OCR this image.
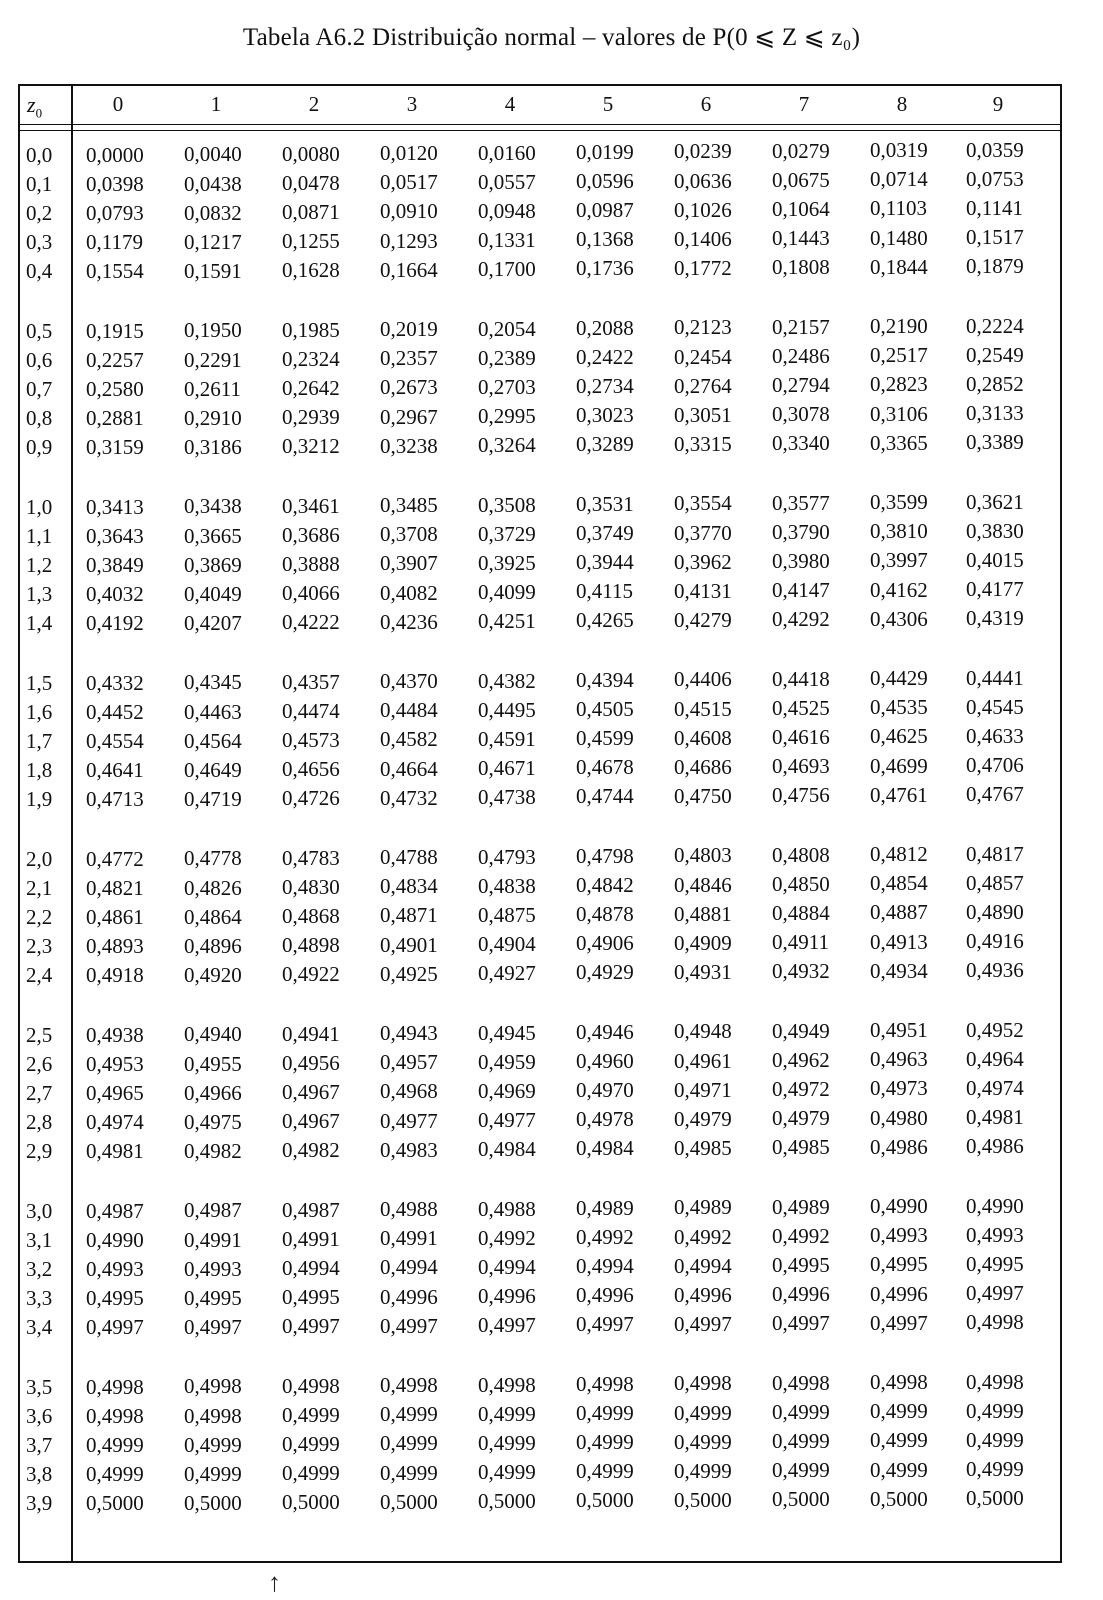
Tabela A6.2 Distribuição normal – valores de P(0 ⩽ Z ⩽ z₀)
$z_0$	0	1	2	3	4	5	6	7	8	9
0,0 0,0000 0,0040 0,0080 0,0120 0,0160 0,0199 0,0239 0,0279 0,0319 0,0359
0,1 0,0398 0,0438 0,0478 0,0517 0,0557 0,0596 0,0636 0,0675 0,0714 0,0753
0,2 0,0793 0,0832 0,0871 0,0910 0,0948 0,0987 0,1026 0,1064 0,1103 0,1141
0,3 0,1179 0,1217 0,1255 0,1293 0,1331 0,1368 0,1406 0,1443 0,1480 0,1517
0,4 0,1554 0,1591 0,1628 0,1664 0,1700 0,1736 0,1772 0,1808 0,1844 0,1879
0,5 0,1915 0,1950 0,1985 0,2019 0,2054 0,2088 0,2123 0,2157 0,2190 0,2224
0,6 0,2257 0,2291 0,2324 0,2357 0,2389 0,2422 0,2454 0,2486 0,2517 0,2549
0,7 0,2580 0,2611 0,2642 0,2673 0,2703 0,2734 0,2764 0,2794 0,2823 0,2852
0,8 0,2881 0,2910 0,2939 0,2967 0,2995 0,3023 0,3051 0,3078 0,3106 0,3133
0,9 0,3159 0,3186 0,3212 0,3238 0,3264 0,3289 0,3315 0,3340 0,3365 0,3389
1,0 0,3413 0,3438 0,3461 0,3485 0,3508 0,3531 0,3554 0,3577 0,3599 0,3621
1,1 0,3643 0,3665 0,3686 0,3708 0,3729 0,3749 0,3770 0,3790 0,3810 0,3830
1,2 0,3849 0,3869 0,3888 0,3907 0,3925 0,3944 0,3962 0,3980 0,3997 0,4015
1,3 0,4032 0,4049 0,4066 0,4082 0,4099 0,4115 0,4131 0,4147 0,4162 0,4177
1,4 0,4192 0,4207 0,4222 0,4236 0,4251 0,4265 0,4279 0,4292 0,4306 0,4319
1,5 0,4332 0,4345 0,4357 0,4370 0,4382 0,4394 0,4406 0,4418 0,4429 0,4441
1,6 0,4452 0,4463 0,4474 0,4484 0,4495 0,4505 0,4515 0,4525 0,4535 0,4545
1,7 0,4554 0,4564 0,4573 0,4582 0,4591 0,4599 0,4608 0,4616 0,4625 0,4633
1,8 0,4641 0,4649 0,4656 0,4664 0,4671 0,4678 0,4686 0,4693 0,4699 0,4706
1,9 0,4713 0,4719 0,4726 0,4732 0,4738 0,4744 0,4750 0,4756 0,4761 0,4767
2,0 0,4772 0,4778 0,4783 0,4788 0,4793 0,4798 0,4803 0,4808 0,4812 0,4817
2,1 0,4821 0,4826 0,4830 0,4834 0,4838 0,4842 0,4846 0,4850 0,4854 0,4857
2,2 0,4861 0,4864 0,4868 0,4871 0,4875 0,4878 0,4881 0,4884 0,4887 0,4890
2,3 0,4893 0,4896 0,4898 0,4901 0,4904 0,4906 0,4909 0,4911 0,4913 0,4916
2,4 0,4918 0,4920 0,4922 0,4925 0,4927 0,4929 0,4931 0,4932 0,4934 0,4936
2,5 0,4938 0,4940 0,4941 0,4943 0,4945 0,4946 0,4948 0,4949 0,4951 0,4952
2,6 0,4953 0,4955 0,4956 0,4957 0,4959 0,4960 0,4961 0,4962 0,4963 0,4964
2,7 0,4965 0,4966 0,4967 0,4968 0,4969 0,4970 0,4971 0,4972 0,4973 0,4974
2,8 0,4974 0,4975 0,4967 0,4977 0,4977 0,4978 0,4979 0,4979 0,4980 0,4981
2,9 0,4981 0,4982 0,4982 0,4983 0,4984 0,4984 0,4985 0,4985 0,4986 0,4986
3,0 0,4987 0,4987 0,4987 0,4988 0,4988 0,4989 0,4989 0,4989 0,4990 0,4990
3,1 0,4990 0,4991 0,4991 0,4991 0,4992 0,4992 0,4992 0,4992 0,4993 0,4993
3,2 0,4993 0,4993 0,4994 0,4994 0,4994 0,4994 0,4994 0,4995 0,4995 0,4995
3,3 0,4995 0,4995 0,4995 0,4996 0,4996 0,4996 0,4996 0,4996 0,4996 0,4997
3,4 0,4997 0,4997 0,4997 0,4997 0,4997 0,4997 0,4997 0,4997 0,4997 0,4998
3,5 0,4998 0,4998 0,4998 0,4998 0,4998 0,4998 0,4998 0,4998 0,4998 0,4998
3,6 0,4998 0,4998 0,4999 0,4999 0,4999 0,4999 0,4999 0,4999 0,4999 0,4999
3,7 0,4999 0,4999 0,4999 0,4999 0,4999 0,4999 0,4999 0,4999 0,4999 0,4999
3,8 0,4999 0,4999 0,4999 0,4999 0,4999 0,4999 0,4999 0,4999 0,4999 0,4999
3,9 0,5000 0,5000 0,5000 0,5000 0,5000 0,5000 0,5000 0,5000 0,5000 0,5000
↑
